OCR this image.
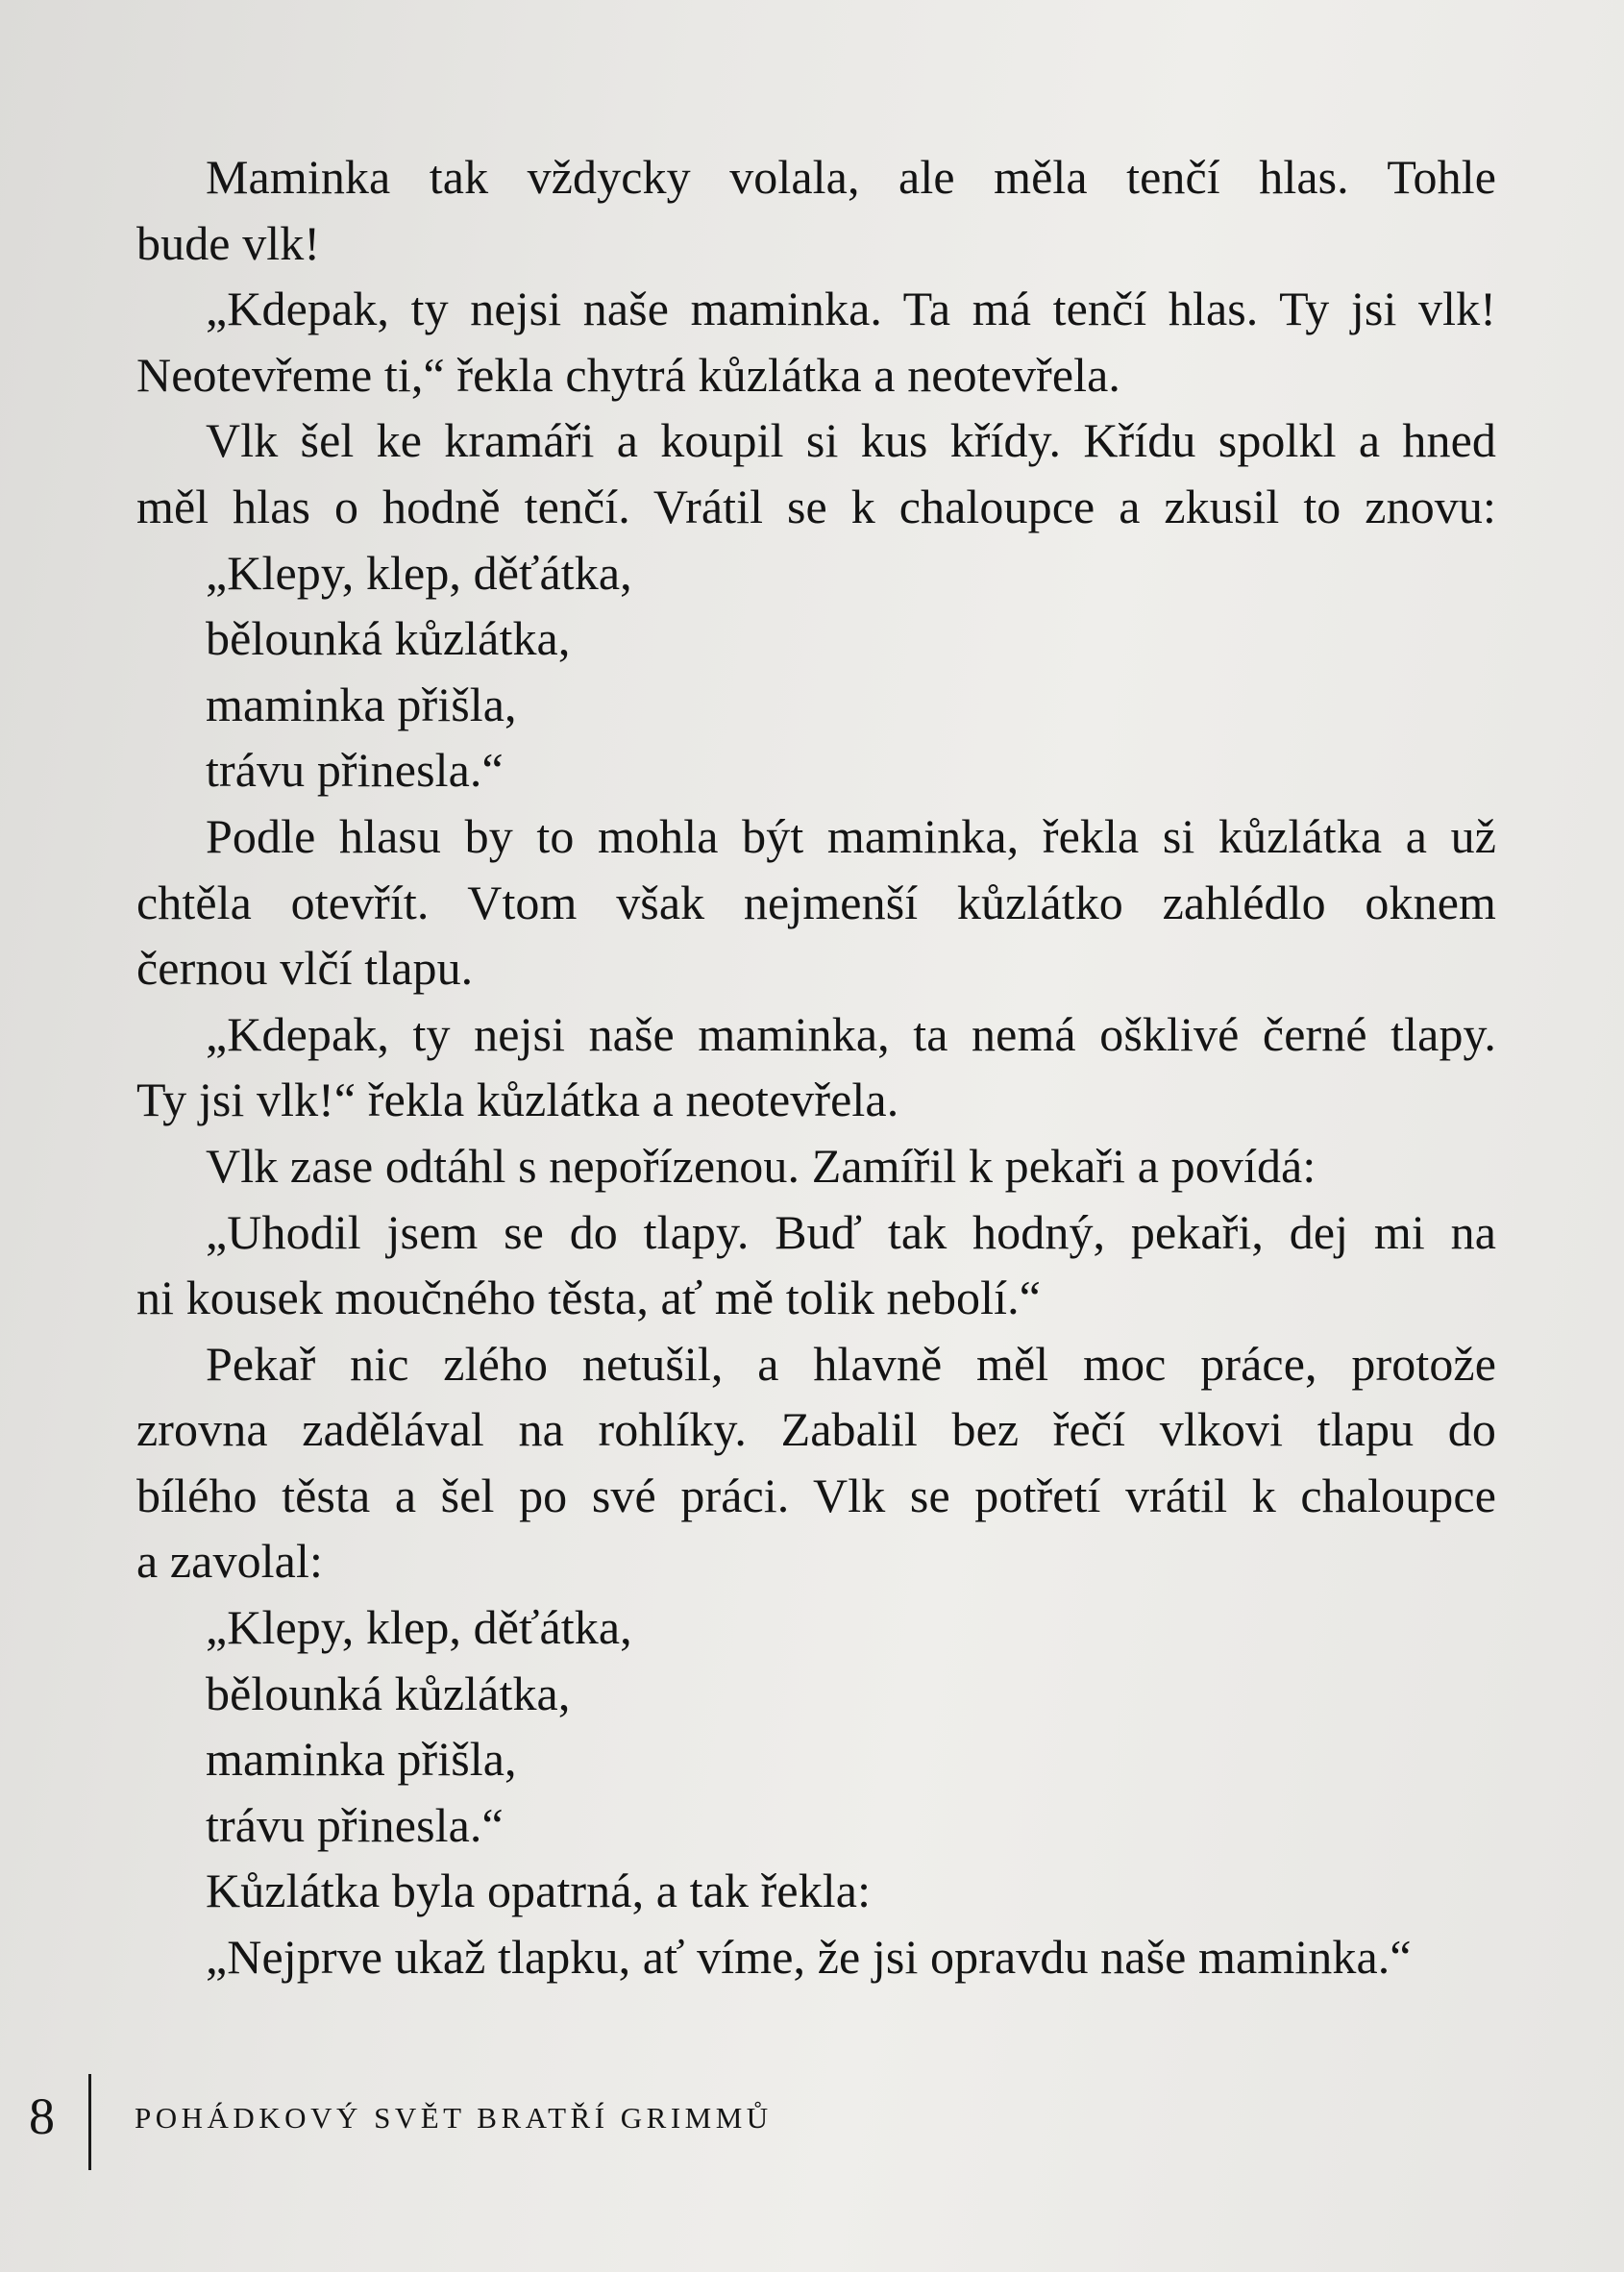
Maminka tak vždycky volala, ale měla tenčí hlas. Tohle
bude vlk!
„Kdepak, ty nejsi naše maminka. Ta má tenčí hlas. Ty jsi vlk!
Neotevřeme ti,“ řekla chytrá kůzlátka a neotevřela.
Vlk šel ke kramáři a koupil si kus křídy. Křídu spolkl a hned
měl hlas o hodně tenčí. Vrátil se k chaloupce a zkusil to znovu:
„Klepy, klep, děťátka,
bělounká kůzlátka,
maminka přišla,
trávu přinesla.“
Podle hlasu by to mohla být maminka, řekla si kůzlátka a už
chtěla otevřít. Vtom však nejmenší kůzlátko zahlédlo oknem
černou vlčí tlapu.
„Kdepak, ty nejsi naše maminka, ta nemá ošklivé černé tlapy.
Ty jsi vlk!“ řekla kůzlátka a neotevřela.
Vlk zase odtáhl s nepořízenou. Zamířil k pekaři a povídá:
„Uhodil jsem se do tlapy. Buď tak hodný, pekaři, dej mi na
ni kousek moučného těsta, ať mě tolik nebolí.“
Pekař nic zlého netušil, a hlavně měl moc práce, protože
zrovna zadělával na rohlíky. Zabalil bez řečí vlkovi tlapu do
bílého těsta a šel po své práci. Vlk se potřetí vrátil k chaloupce
a zavolal:
„Klepy, klep, děťátka,
bělounká kůzlátka,
maminka přišla,
trávu přinesla.“
Kůzlátka byla opatrná, a tak řekla:
„Nejprve ukaž tlapku, ať víme, že jsi opravdu naše maminka.“
8	POHÁDKOVÝ SVĚT BRATŘÍ GRIMMŮ
